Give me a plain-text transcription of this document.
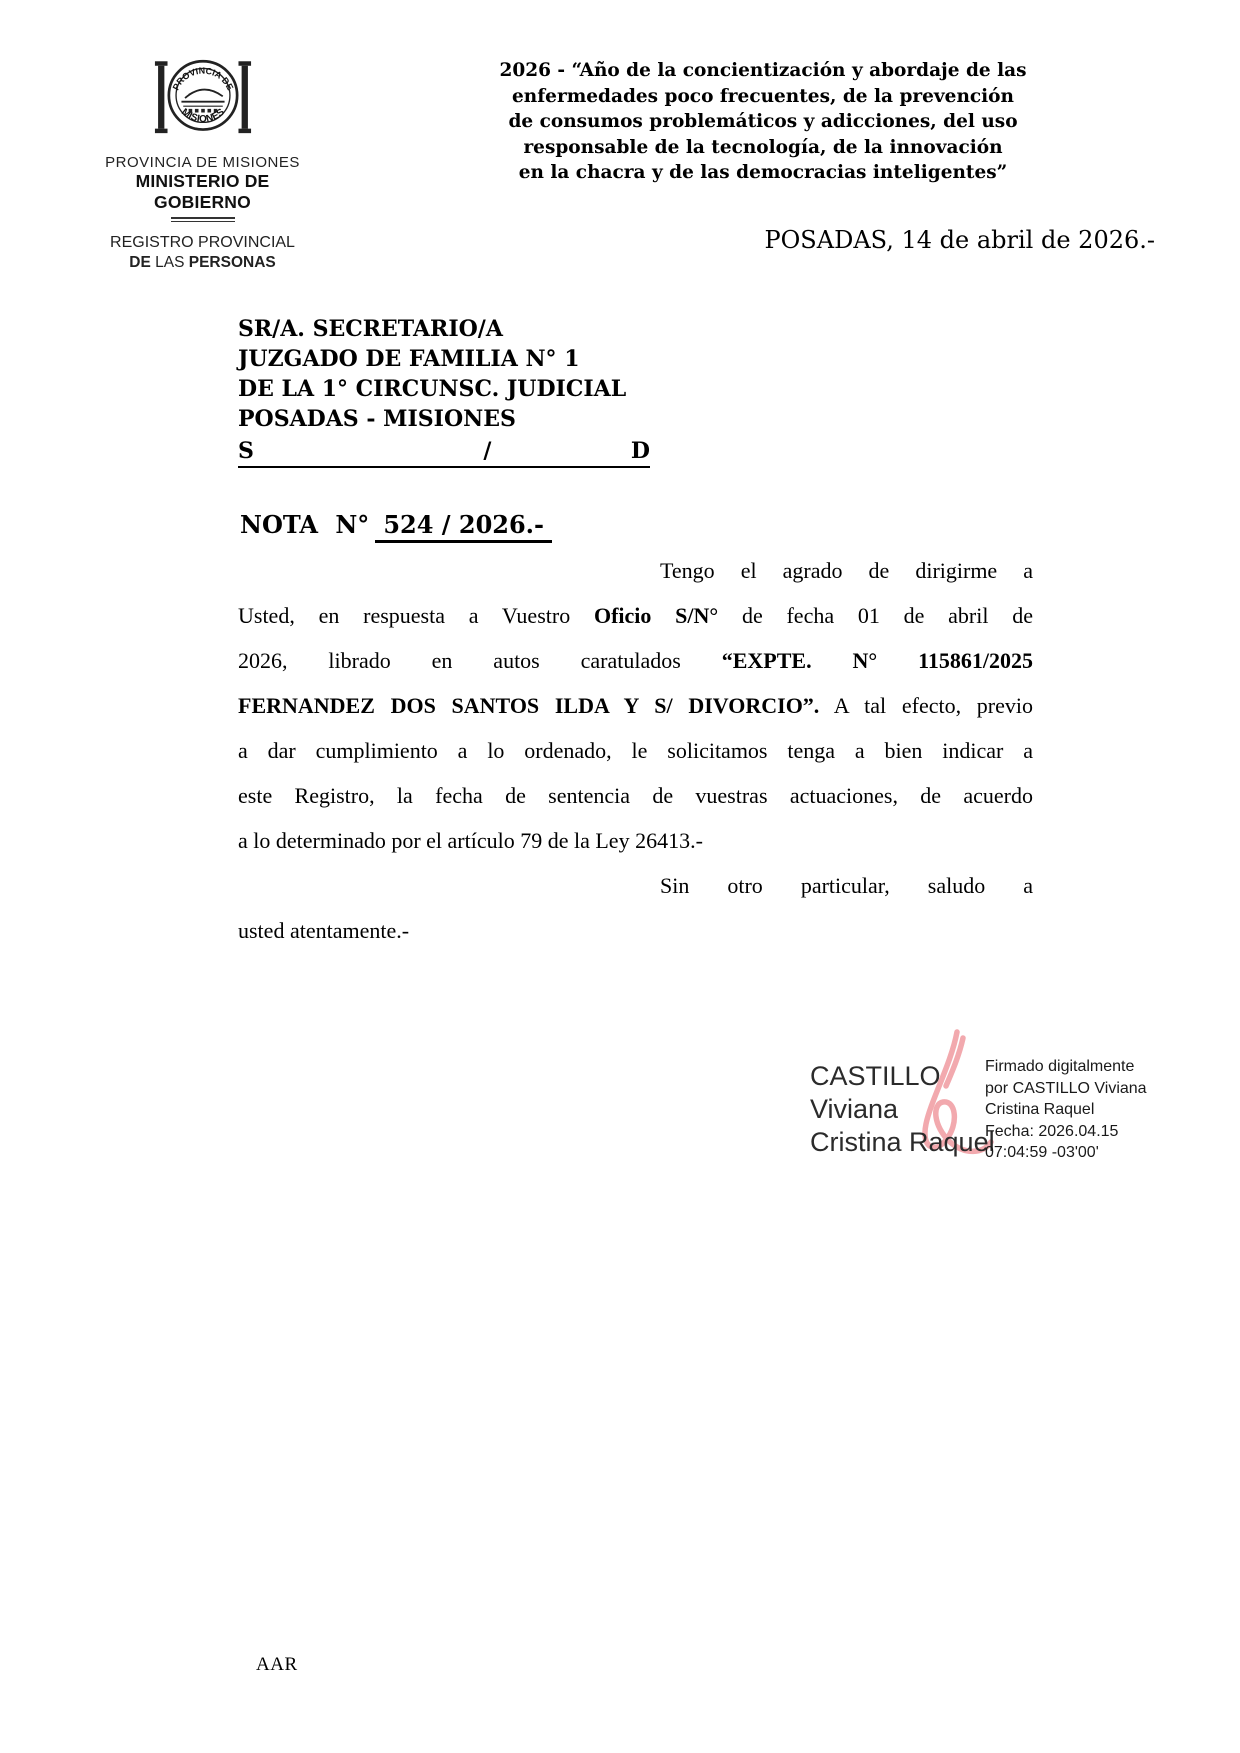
PROVINCIA DE
MISIONES
PROVINCIA DE MISIONES
MINISTERIO DE GOBIERNO
REGISTRO PROVINCIAL
DE LAS PERSONAS
2026 - “Año de la concientización y abordaje de las
enfermedades poco frecuentes, de la prevención
de consumos problemáticos y adicciones, del uso
responsable de la tecnología, de la innovación
en la chacra y de las democracias inteligentes”
POSADAS, 14 de abril de 2026.-
SR/A. SECRETARIO/A
JUZGADO DE FAMILIA N° 1
DE LA 1° CIRCUNSC. JUDICIAL
POSADAS - MISIONES
S	/	D
NOTA N° 524 / 2026.-
Tengo el agrado de dirigirme a
Usted, en respuesta a Vuestro Oficio S/N° de fecha 01 de abril de
2026, librado en autos caratulados “EXPTE. N° 115861/2025
FERNANDEZ DOS SANTOS ILDA Y S/ DIVORCIO”. A tal efecto, previo
a dar cumplimiento a lo ordenado, le solicitamos tenga a bien indicar a
este Registro, la fecha de sentencia de vuestras actuaciones, de acuerdo
a lo determinado por el artículo 79 de la Ley 26413.-
Sin otro particular, saludo a
usted atentamente.-
CASTILLO
Viviana
Cristina Raquel
Firmado digitalmente
por CASTILLO Viviana
Cristina Raquel
Fecha: 2026.04.15
07:04:59 -03'00'
AAR
